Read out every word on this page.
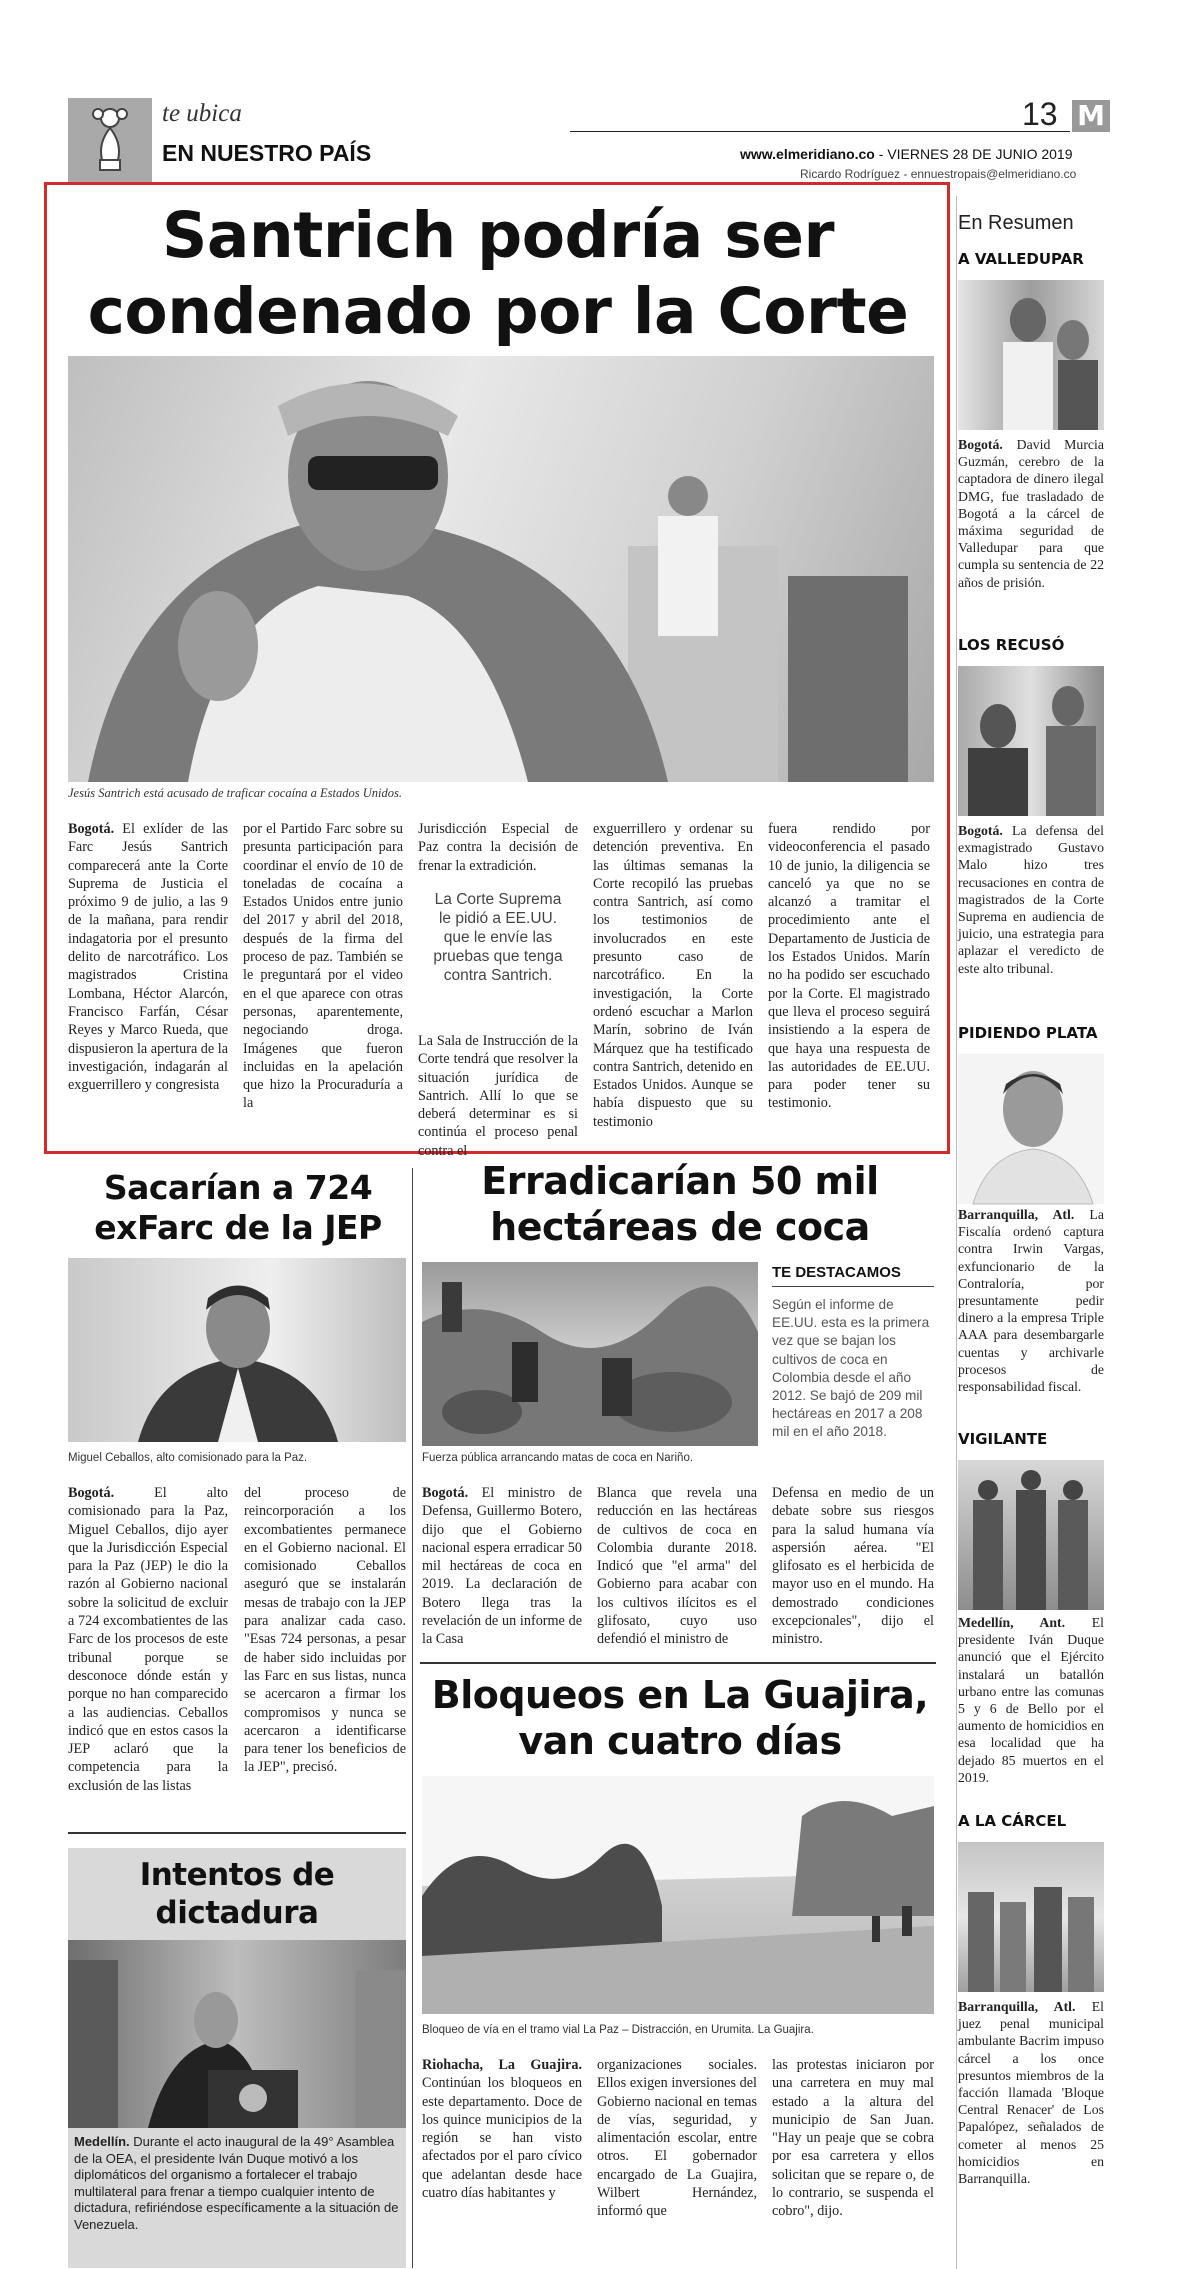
te ubica
EN NUESTRO PAÍS
13 M
www.elmeridiano.co - VIERNES 28 DE JUNIO 2019
Ricardo Rodríguez - ennuestropais@elmeridiano.co
Santrich podría ser
condenado por la Corte
Jesús Santrich está acusado de traficar cocaína a Estados Unidos.
Bogotá. El exlíder de las Farc Jesús Santrich comparecerá ante la Corte Suprema de Justicia el próximo 9 de julio, a las 9 de la mañana, para rendir indagatoria por el presunto delito de narcotráfico. Los magistrados Cristina Lombana, Héctor Alarcón, Francisco Farfán, César Reyes y Marco Rueda, que dispusieron la apertura de la investigación, indagarán al exguerrillero y congresista
por el Partido Farc sobre su presunta participación para coordinar el envío de 10 de toneladas de cocaína a Estados Unidos entre junio del 2017 y abril del 2018, después de la firma del proceso de paz. También se le preguntará por el video en el que aparece con otras personas, aparentemente, negociando droga. Imágenes que fueron incluidas en la apelación que hizo la Procuraduría a la
Jurisdicción Especial de Paz contra la decisión de frenar la extradición.
La Corte Suprema le pidió a EE.UU. que le envíe las pruebas que tenga contra Santrich.
La Sala de Instrucción de la Corte tendrá que resolver la situación jurídica de Santrich. Allí lo que se deberá determinar es si continúa el proceso penal contra el
exguerrillero y ordenar su detención preventiva. En las últimas semanas la Corte recopiló las pruebas contra Santrich, así como los testimonios de involucrados en este presunto caso de narcotráfico. En la investigación, la Corte ordenó escuchar a Marlon Marín, sobrino de Iván Márquez que ha testificado contra Santrich, detenido en Estados Unidos. Aunque se había dispuesto que su testimonio
fuera rendido por videoconferencia el pasado 10 de junio, la diligencia se canceló ya que no se alcanzó a tramitar el procedimiento ante el Departamento de Justicia de los Estados Unidos. Marín no ha podido ser escuchado por la Corte. El magistrado que lleva el proceso seguirá insistiendo a la espera de que haya una respuesta de las autoridades de EE.UU. para poder tener su testimonio.
Sacarían a 724
exFarc de la JEP
Miguel Ceballos, alto comisionado para la Paz.
Bogotá. El alto comisionado para la Paz, Miguel Ceballos, dijo ayer que la Jurisdicción Especial para la Paz (JEP) le dio la razón al Gobierno nacional sobre la solicitud de excluir a 724 excombatientes de las Farc de los procesos de este tribunal porque se desconoce dónde están y porque no han comparecido a las audiencias. Ceballos indicó que en estos casos la JEP aclaró que la competencia para la exclusión de las listas
del proceso de reincorporación a los excombatientes permanece en el Gobierno nacional. El comisionado Ceballos aseguró que se instalarán mesas de trabajo con la JEP para analizar cada caso. "Esas 724 personas, a pesar de haber sido incluidas por las Farc en sus listas, nunca se acercaron a firmar los compromisos y nunca se acercaron a identificarse para tener los beneficios de la JEP", precisó.
Intentos de
dictadura
Medellín. Durante el acto inaugural de la 49° Asamblea de la OEA, el presidente Iván Duque motivó a los diplomáticos del organismo a fortalecer el trabajo multilateral para frenar a tiempo cualquier intento de dictadura, refiriéndose específicamente a la situación de Venezuela.
Erradicarían 50 mil
hectáreas de coca
Fuerza pública arrancando matas de coca en Nariño.
TE DESTACAMOS
Según el informe de EE.UU. esta es la primera vez que se bajan los cultivos de coca en Colombia desde el año 2012. Se bajó de 209 mil hectáreas en 2017 a 208 mil en el año 2018.
Bogotá. El ministro de Defensa, Guillermo Botero, dijo que el Gobierno nacional espera erradicar 50 mil hectáreas de coca en 2019. La declaración de Botero llega tras la revelación de un informe de la Casa
Blanca que revela una reducción en las hectáreas de cultivos de coca en Colombia durante 2018. Indicó que "el arma" del Gobierno para acabar con los cultivos ilícitos es el glifosato, cuyo uso defendió el ministro de
Defensa en medio de un debate sobre sus riesgos para la salud humana vía aspersión aérea. "El glifosato es el herbicida de mayor uso en el mundo. Ha demostrado condiciones excepcionales", dijo el ministro.
Bloqueos en La Guajira,
van cuatro días
Bloqueo de vía en el tramo vial La Paz – Distracción, en Urumita. La Guajira.
Riohacha, La Guajira. Continúan los bloqueos en este departamento. Doce de los quince municipios de la región se han visto afectados por el paro cívico que adelantan desde hace cuatro días habitantes y
organizaciones sociales. Ellos exigen inversiones del Gobierno nacional en temas de vías, seguridad, y alimentación escolar, entre otros. El gobernador encargado de La Guajira, Wilbert Hernández, informó que
las protestas iniciaron por una carretera en muy mal estado a la altura del municipio de San Juan. "Hay un peaje que se cobra por esa carretera y ellos solicitan que se repare o, de lo contrario, se suspenda el cobro", dijo.
En Resumen
A VALLEDUPAR
Bogotá. David Murcia Guzmán, cerebro de la captadora de dinero ilegal DMG, fue trasladado de Bogotá a la cárcel de máxima seguridad de Valledupar para que cumpla su sentencia de 22 años de prisión.
LOS RECUSÓ
Bogotá. La defensa del exmagistrado Gustavo Malo hizo tres recusaciones en contra de magistrados de la Corte Suprema en audiencia de juicio, una estrategia para aplazar el veredicto de este alto tribunal.
PIDIENDO PLATA
Barranquilla, Atl. La Fiscalía ordenó captura contra Irwin Vargas, exfuncionario de la Contraloría, por presuntamente pedir dinero a la empresa Triple AAA para desembargarle cuentas y archivarle procesos de responsabilidad fiscal.
VIGILANTE
Medellín, Ant. El presidente Iván Duque anunció que el Ejército instalará un batallón urbano entre las comunas 5 y 6 de Bello por el aumento de homicidios en esa localidad que ha dejado 85 muertos en el 2019.
A LA CÁRCEL
Barranquilla, Atl. El juez penal municipal ambulante Bacrim impuso cárcel a los once presuntos miembros de la facción llamada 'Bloque Central Renacer' de Los Papalópez, señalados de cometer al menos 25 homicidios en Barranquilla.
